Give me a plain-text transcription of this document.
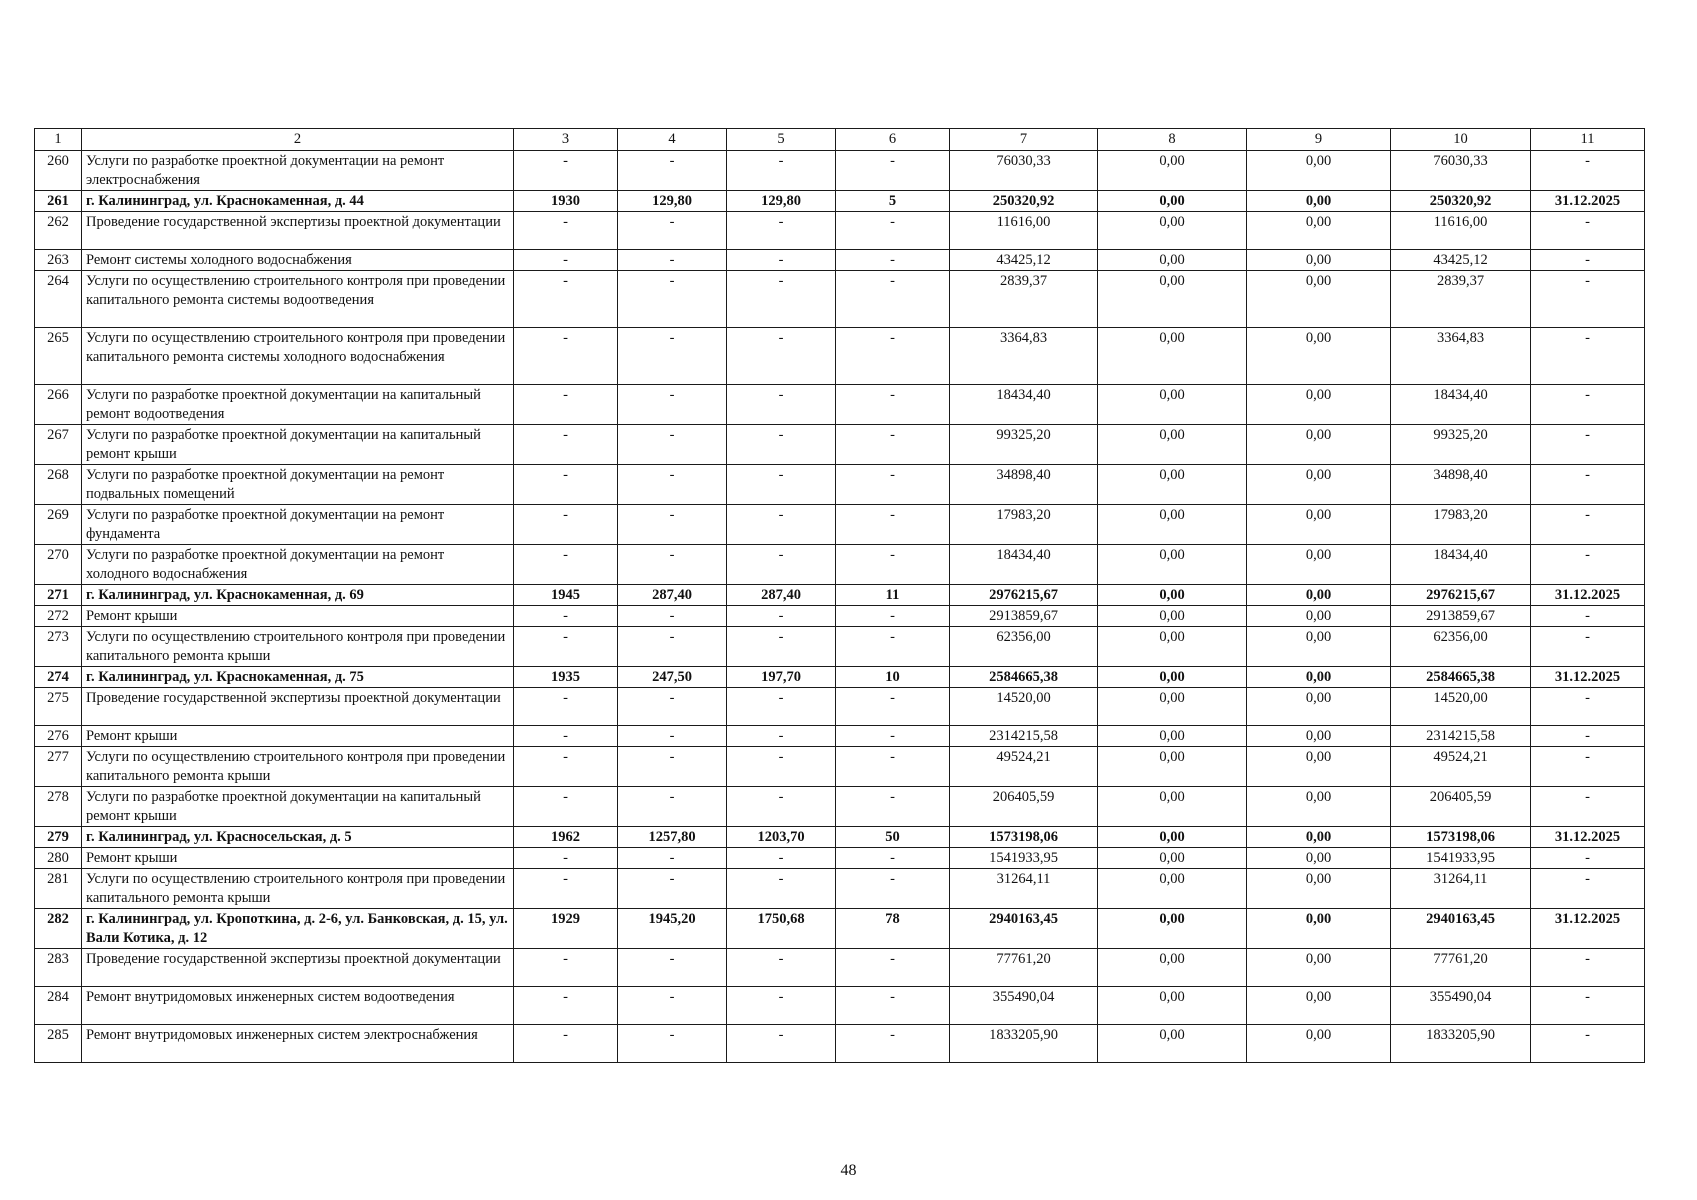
1	2	3	4	5	6	7	8	9	10	11
260	Услуги по разработке проектной документации на ремонт электроснабжения	-	-	-	-	76030,33	0,00	0,00	76030,33	-
261	г. Калининград, ул. Краснокаменная, д. 44	1930	129,80	129,80	5	250320,92	0,00	0,00	250320,92	31.12.2025
262	Проведение государственной экспертизы проектной документации	-	-	-	-	11616,00	0,00	0,00	11616,00	-
263	Ремонт системы холодного водоснабжения	-	-	-	-	43425,12	0,00	0,00	43425,12	-
264	Услуги по осуществлению строительного контроля при проведении капитального ремонта системы водоотведения	-	-	-	-	2839,37	0,00	0,00	2839,37	-
265	Услуги по осуществлению строительного контроля при проведении капитального ремонта системы холодного водоснабжения	-	-	-	-	3364,83	0,00	0,00	3364,83	-
266	Услуги по разработке проектной документации на капитальный ремонт водоотведения	-	-	-	-	18434,40	0,00	0,00	18434,40	-
267	Услуги по разработке проектной документации на капитальный ремонт крыши	-	-	-	-	99325,20	0,00	0,00	99325,20	-
268	Услуги по разработке проектной документации на ремонт подвальных помещений	-	-	-	-	34898,40	0,00	0,00	34898,40	-
269	Услуги по разработке проектной документации на ремонт фундамента	-	-	-	-	17983,20	0,00	0,00	17983,20	-
270	Услуги по разработке проектной документации на ремонт холодного водоснабжения	-	-	-	-	18434,40	0,00	0,00	18434,40	-
271	г. Калининград, ул. Краснокаменная, д. 69	1945	287,40	287,40	11	2976215,67	0,00	0,00	2976215,67	31.12.2025
272	Ремонт крыши	-	-	-	-	2913859,67	0,00	0,00	2913859,67	-
273	Услуги по осуществлению строительного контроля при проведении капитального ремонта крыши	-	-	-	-	62356,00	0,00	0,00	62356,00	-
274	г. Калининград, ул. Краснокаменная, д. 75	1935	247,50	197,70	10	2584665,38	0,00	0,00	2584665,38	31.12.2025
275	Проведение государственной экспертизы проектной документации	-	-	-	-	14520,00	0,00	0,00	14520,00	-
276	Ремонт крыши	-	-	-	-	2314215,58	0,00	0,00	2314215,58	-
277	Услуги по осуществлению строительного контроля при проведении капитального ремонта крыши	-	-	-	-	49524,21	0,00	0,00	49524,21	-
278	Услуги по разработке проектной документации на капитальный ремонт крыши	-	-	-	-	206405,59	0,00	0,00	206405,59	-
279	г. Калининград, ул. Красносельская, д. 5	1962	1257,80	1203,70	50	1573198,06	0,00	0,00	1573198,06	31.12.2025
280	Ремонт крыши	-	-	-	-	1541933,95	0,00	0,00	1541933,95	-
281	Услуги по осуществлению строительного контроля при проведении капитального ремонта крыши	-	-	-	-	31264,11	0,00	0,00	31264,11	-
282	г. Калининград, ул. Кропоткина, д. 2-6, ул. Банковская, д. 15, ул. Вали Котика, д. 12	1929	1945,20	1750,68	78	2940163,45	0,00	0,00	2940163,45	31.12.2025
283	Проведение государственной экспертизы проектной документации	-	-	-	-	77761,20	0,00	0,00	77761,20	-
284	Ремонт внутридомовых инженерных систем водоотведения	-	-	-	-	355490,04	0,00	0,00	355490,04	-
285	Ремонт внутридомовых инженерных систем электроснабжения	-	-	-	-	1833205,90	0,00	0,00	1833205,90	-
48
